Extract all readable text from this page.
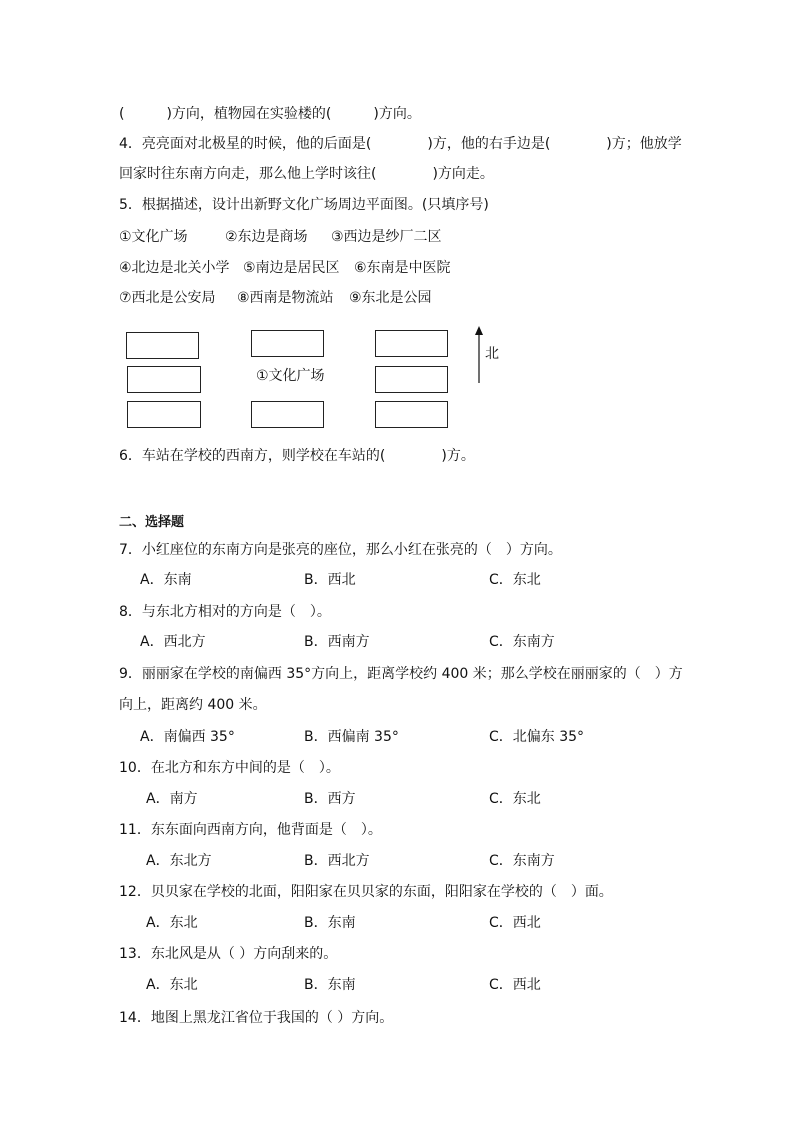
(　　　)方向，植物园在实验楼的(　　　)方向。
4．亮亮面对北极星的时候，他的后面是(　　　　)方，他的右手边是(　　　　)方；他放学
回家时往东南方向走，那么他上学时该往(　　　　)方向走。
5．根据描述，设计出新野文化广场周边平面图。(只填序号)
①文化广场	②东边是商场 ③西边是纱厂二区
④北边是北关小学 ⑤南边是居民区 ⑥东南是中医院
⑦西北是公安局 ⑧西南是物流站 ⑨东北是公园
①文化广场
北
6．车站在学校的西南方，则学校在车站的(　　　　)方。
二、选择题
7．小红座位的东南方向是张亮的座位，那么小红在张亮的（　）方向。
A．东南	B．西北	C．东北
8．与东北方相对的方向是（　）。
A．西北方	B．西南方	C．东南方
9．丽丽家在学校的南偏西 35°方向上，距离学校约 400 米；那么学校在丽丽家的（　）方
向上，距离约 400 米。
A．南偏西 35°	B．西偏南 35°	C．北偏东 35°
10．在北方和东方中间的是（　）。
A．南方	B．西方	C．东北
11．东东面向西南方向，他背面是（　）。
A．东北方	B．西北方	C．东南方
12．贝贝家在学校的北面，阳阳家在贝贝家的东面，阳阳家在学校的（　）面。
A．东北	B．东南	C．西北
13．东北风是从（ ）方向刮来的。
A．东北	B．东南	C．西北
14．地图上黑龙江省位于我国的（ ）方向。
